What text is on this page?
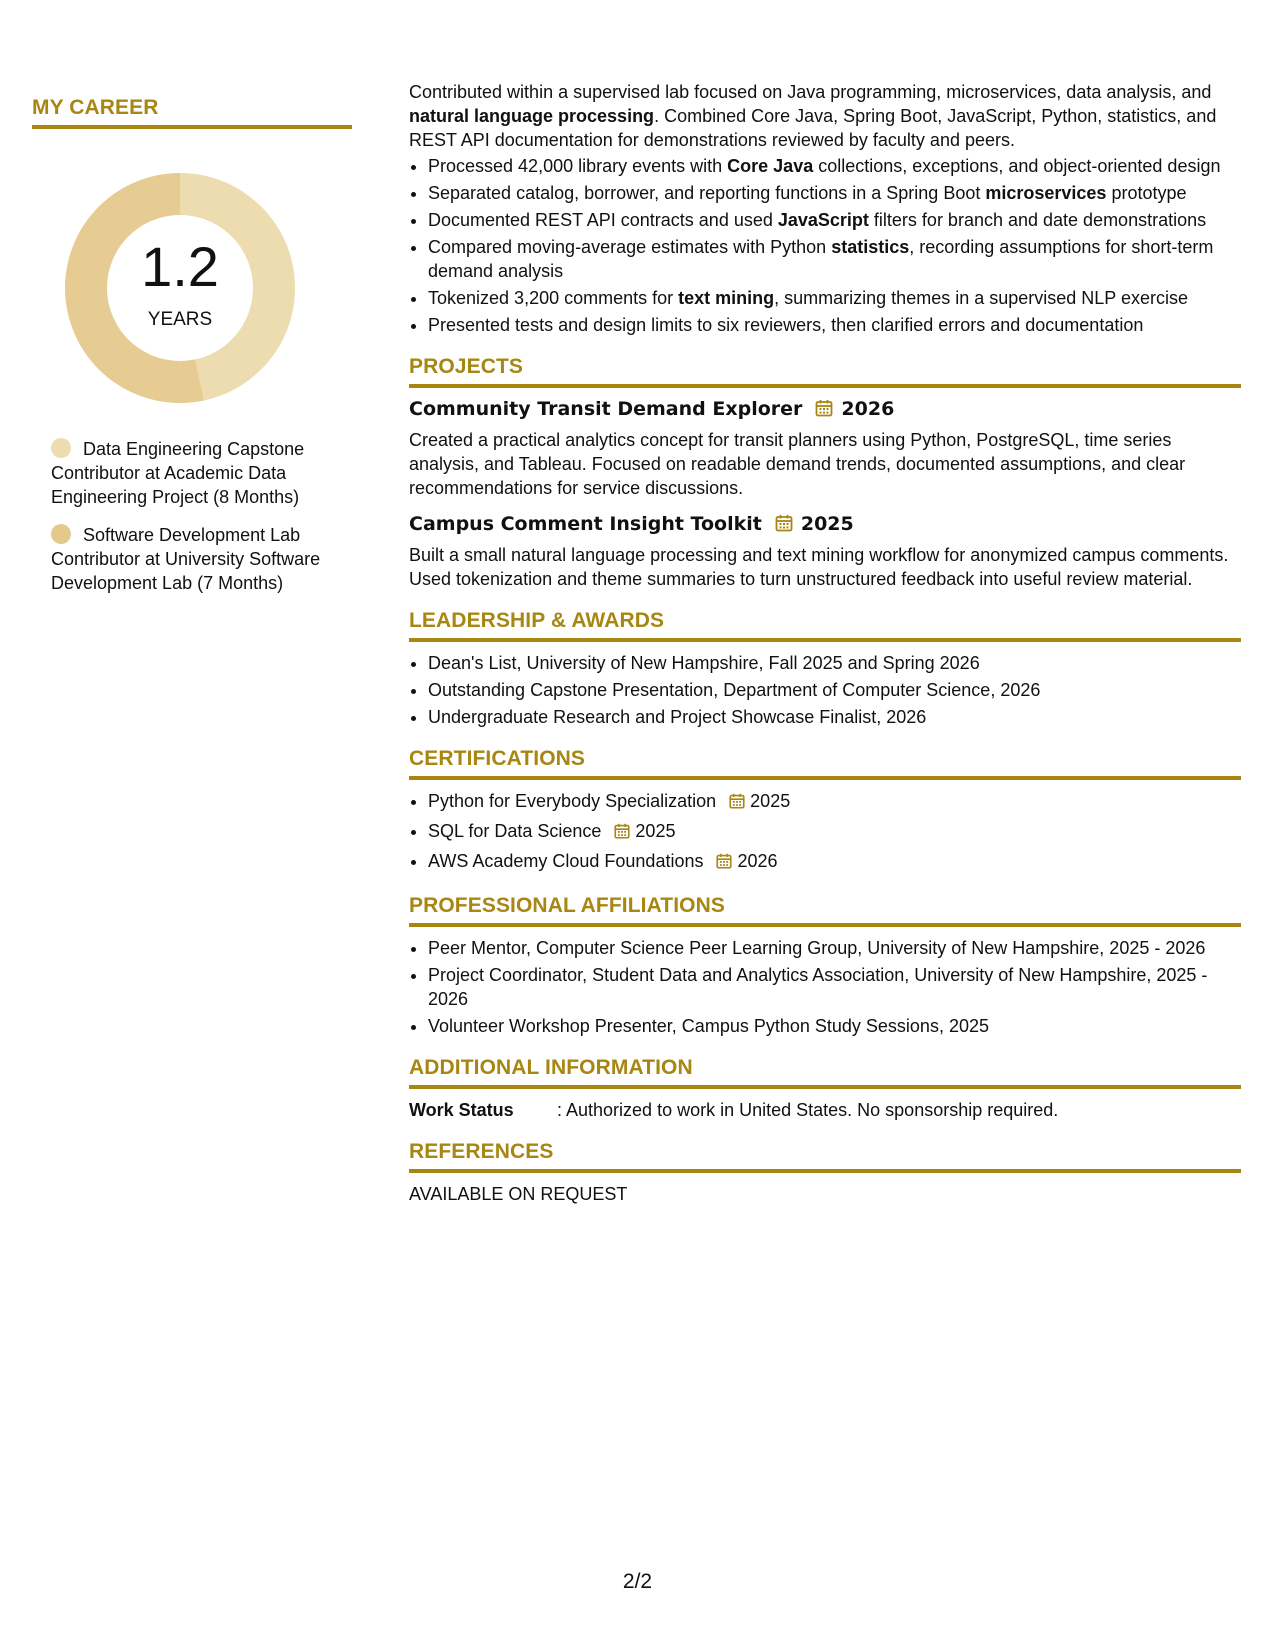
MY CAREER
1.2
YEARS
Data Engineering Capstone Contributor at Academic Data Engineering Project (8 Months)
Software Development Lab Contributor at University Software Development Lab (7 Months)

Contributed within a supervised lab focused on Java programming, microservices, data analysis, and natural language processing. Combined Core Java, Spring Boot, JavaScript, Python, statistics, and REST API documentation for demonstrations reviewed by faculty and peers.

• Processed 42,000 library events with Core Java collections, exceptions, and object-oriented design
• Separated catalog, borrower, and reporting functions in a Spring Boot microservices prototype
• Documented REST API contracts and used JavaScript filters for branch and date demonstrations
• Compared moving-average estimates with Python statistics, recording assumptions for short-term demand analysis
• Tokenized 3,200 comments for text mining, summarizing themes in a supervised NLP exercise
• Presented tests and design limits to six reviewers, then clarified errors and documentation
PROJECTS
Community Transit Demand Explorer 2026

Created a practical analytics concept for transit planners using Python, PostgreSQL, time series analysis, and Tableau. Focused on readable demand trends, documented assumptions, and clear recommendations for service discussions.

Campus Comment Insight Toolkit 2025

Built a small natural language processing and text mining workflow for anonymized campus comments. Used tokenization and theme summaries to turn unstructured feedback into useful review material.

LEADERSHIP & AWARDS
• Dean's List, University of New Hampshire, Fall 2025 and Spring 2026
• Outstanding Capstone Presentation, Department of Computer Science, 2026
• Undergraduate Research and Project Showcase Finalist, 2026
CERTIFICATIONS
• Python for Everybody Specialization 2025
• SQL for Data Science 2025
• AWS Academy Cloud Foundations 2026
PROFESSIONAL AFFILIATIONS
• Peer Mentor, Computer Science Peer Learning Group, University of New Hampshire, 2025 - 2026
• Project Coordinator, Student Data and Analytics Association, University of New Hampshire, 2025 - 2026
• Volunteer Workshop Presenter, Campus Python Study Sessions, 2025
ADDITIONAL INFORMATION
Work Status	: Authorized to work in United States. No sponsorship required.
REFERENCES
AVAILABLE ON REQUEST
2/2
